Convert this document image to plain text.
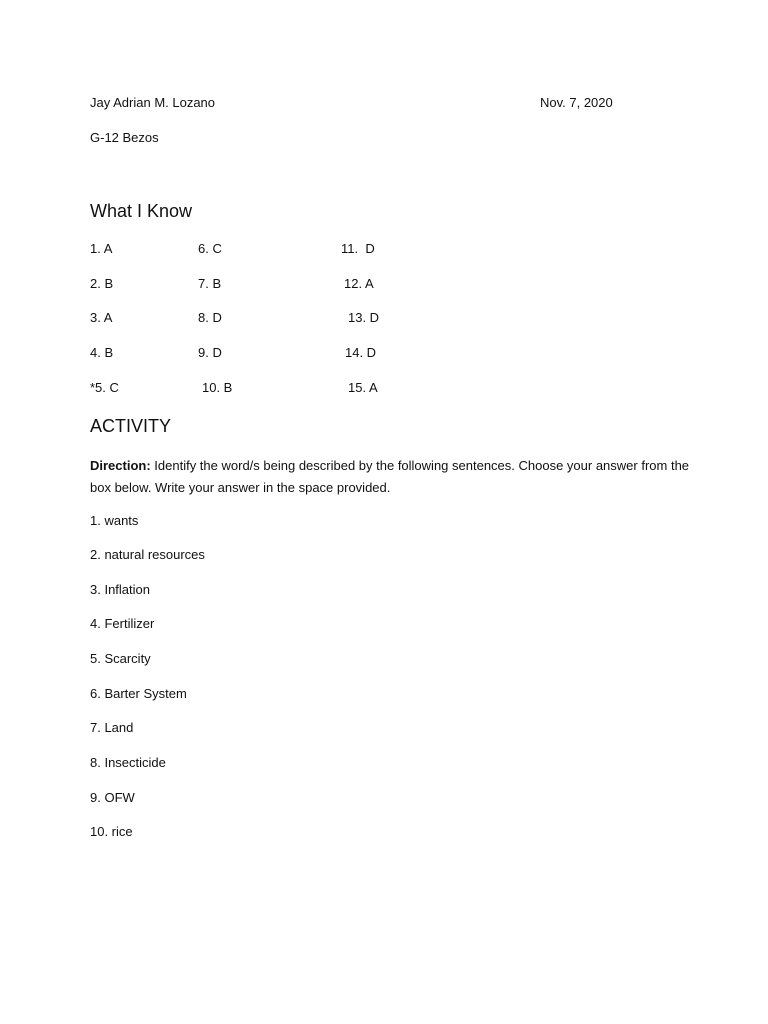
Jay Adrian M. Lozano	Nov. 7, 2020
G-12 Bezos
What I Know
1. A
2. B
3. A
4. B
*5. C
6. C
7. B
8. D
9. D
10. B
11.  D
12. A
13. D
14. D
15. A
ACTIVITY
Direction: Identify the word/s being described by the following sentences. Choose your answer from the box below. Write your answer in the space provided.
1. wants
2. natural resources
3. Inflation
4. Fertilizer
5. Scarcity
6. Barter System
7. Land
8. Insecticide
9. OFW
10. rice
